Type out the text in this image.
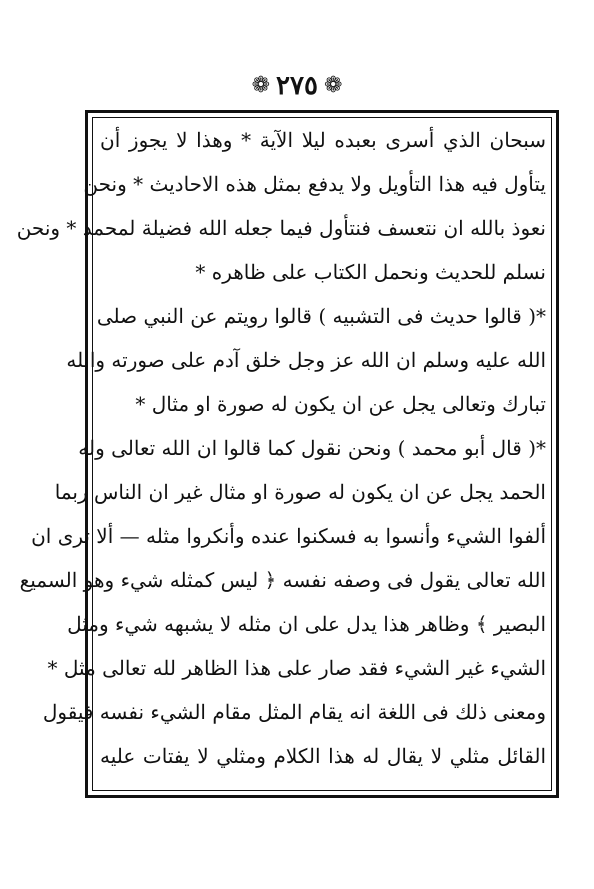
❁ ٢٧٥ ❁
سبحان الذي أسرى بعبده ليلا الآية * وهذا لا يجوز أن
يتأول فيه هذا التأويل ولا يدفع بمثل هذه الاحاديث * ونحن
نعوذ بالله ان نتعسف فنتأول فيما جعله الله فضيلة لمحمد * ونحن
نسلم للحديث ونحمل الكتاب على ظاهره *
*( قالوا حديث فى التشبيه ) قالوا رويتم عن النبي صلى
الله عليه وسلم ان الله عز وجل خلق آدم على صورته والله
تبارك وتعالى يجل عن ان يكون له صورة او مثال *
*( قال أبو محمد ) ونحن نقول كما قالوا ان الله تعالى وله
الحمد يجل عن ان يكون له صورة او مثال غير ان الناس ربما
ألفوا الشيء وأنسوا به فسكنوا عنده وأنكروا مثله — ألا ترى ان
الله تعالى يقول فى وصفه نفسه ﴿ ليس كمثله شيء وهو السميع
البصير ﴾ وظاهر هذا يدل على ان مثله لا يشبهه شيء ومثل
الشيء غير الشيء فقد صار على هذا الظاهر لله تعالى مثل *
ومعنى ذلك فى اللغة انه يقام المثل مقام الشيء نفسه فيقول
القائل مثلي لا يقال له هذا الكلام ومثلي لا يفتات عليه
